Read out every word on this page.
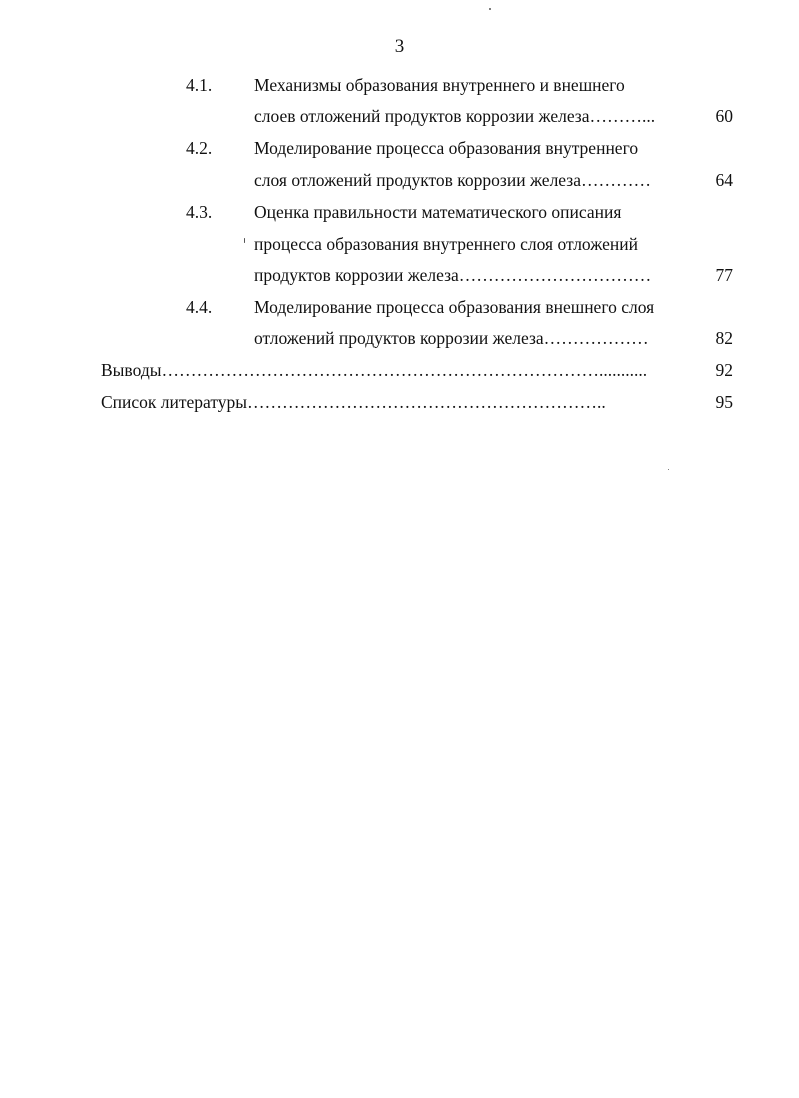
3
4.1. Механизмы образования внутреннего и внешнего
слоев отложений продуктов коррозии железа………...	60
4.2. Моделирование процесса образования внутреннего
слоя отложений продуктов коррозии железа…………	64
4.3. Оценка правильности математического описания
процесса образования внутреннего слоя отложений
продуктов коррозии железа……………………………	77
4.4. Моделирование процесса образования внешнего слоя
отложений продуктов коррозии железа………………	82
Выводы…………………………………………………………………...........	92
Список литературы……………………………………………………..	95
